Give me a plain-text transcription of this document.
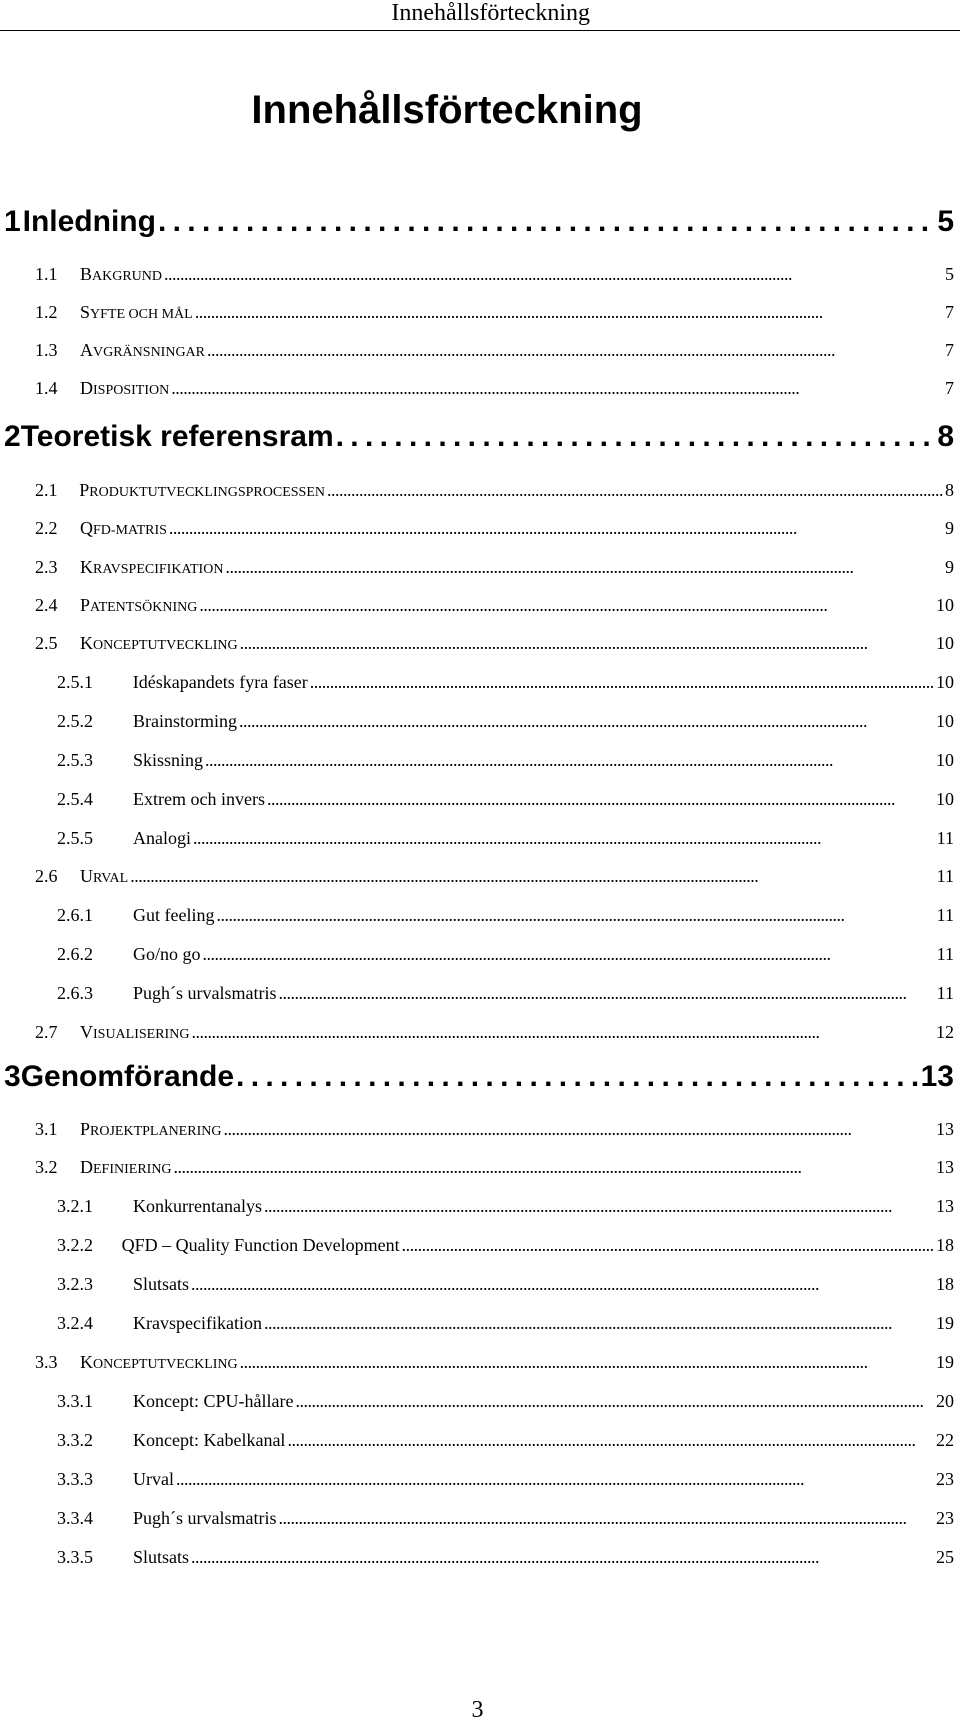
Innehållsförteckning
Innehållsförteckning
1 Inledning . . .	5
1.1	BAKGRUND . . .	5
1.2	SYFTE OCH MÅL . . .	7
1.3	AVGRÄNSNINGAR . . .	7
1.4	DISPOSITION . . .	7
2 Teoretisk referensram . . .	8
2.1	PRODUKTUTVECKLINGSPROCESSEN . . .	8
2.2	QFD-MATRIS . . .	9
2.3	KRAVSPECIFIKATION . . .	9
2.4	PATENTSÖKNING . . .	10
2.5	KONCEPTUTVECKLING . . .	10
2.5.1	Idéskapandets fyra faser . . .	10
2.5.2	Brainstorming . . .	10
2.5.3	Skissning . . .	10
2.5.4	Extrem och invers . . .	10
2.5.5	Analogi . . .	11
2.6	URVAL . . .	11
2.6.1	Gut feeling . . .	11
2.6.2	Go/no go . . .	11
2.6.3	Pugh´s urvalsmatris . . .	11
2.7	VISUALISERING . . .	12
3 Genomförande . . .	13
3.1	PROJEKTPLANERING . . .	13
3.2	DEFINIERING . . .	13
3.2.1	Konkurrentanalys . . .	13
3.2.2	QFD – Quality Function Development . . .	18
3.2.3	Slutsats . . .	18
3.2.4	Kravspecifikation . . .	19
3.3	KONCEPTUTVECKLING . . .	19
3.3.1	Koncept: CPU-hållare . . .	20
3.3.2	Koncept: Kabelkanal . . .	22
3.3.3	Urval . . .	23
3.3.4	Pugh´s urvalsmatris . . .	23
3.3.5	Slutsats . . .	25
3
